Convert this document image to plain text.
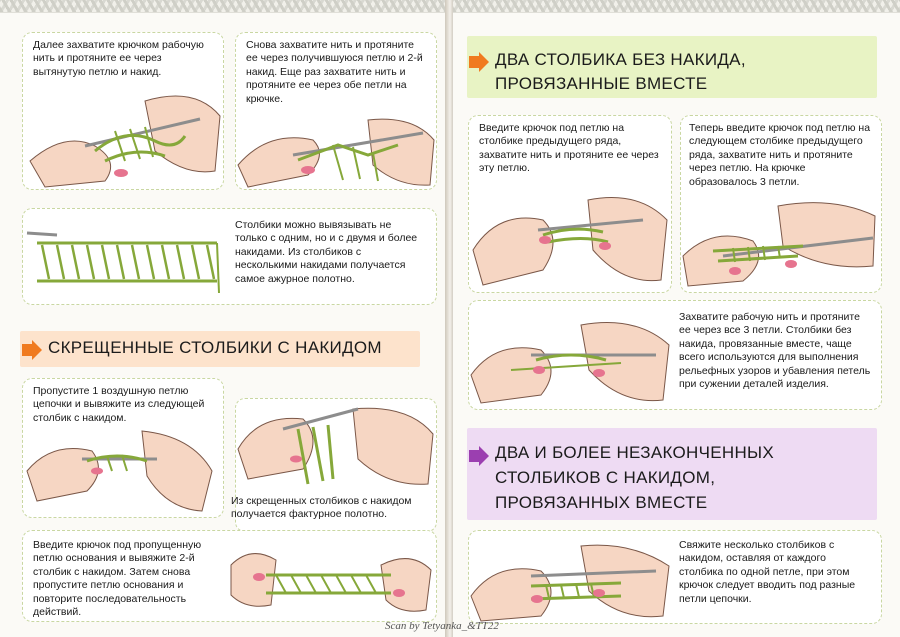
Далее захватите крючком рабочую нить и протяните ее через вытянутую петлю и накид.
Снова захватите нить и протяните ее через получившуюся петлю и 2-й накид. Еще раз захватите нить и протяните ее через обе петли на крючке.
Столбики можно вывязывать не только с одним, но и с двумя и более накидами. Из столбиков с несколькими накидами получается самое ажурное полотно.
СКРЕЩЕННЫЕ СТОЛБИКИ С НАКИДОМ
Пропустите 1 воздушную петлю цепочки и вывяжите из следующей столбик с накидом.
Из скрещенных столбиков с накидом получается фактурное полотно.
Введите крючок под пропущенную петлю основания и вывяжите 2-й столбик с накидом. Затем снова пропустите петлю основания и повторите последовательность действий.
ДВА СТОЛБИКА БЕЗ НАКИДА,
ПРОВЯЗАННЫЕ ВМЕСТЕ
Введите крючок под петлю на столбике предыдущего ряда, захватите нить и протяните ее через эту петлю.
Теперь введите крючок под петлю на следующем столбике предыдущего ряда, захватите нить и протяните через петлю. На крючке образовалось 3 петли.
Захватите рабочую нить и протяните ее через все 3 петли. Столбики без накида, провязанные вместе, чаще всего используются для выполнения рельефных узоров и убавления петель при сужении деталей изделия.
ДВА И БОЛЕЕ НЕЗАКОНЧЕННЫХ
СТОЛБИКОВ С НАКИДОМ,
ПРОВЯЗАННЫХ ВМЕСТЕ
Свяжите несколько столбиков с накидом, оставляя от каждого столбика по одной петле, при этом крючок следует вводить под разные петли цепочки.
Scan by Tetyanka_&TT22
